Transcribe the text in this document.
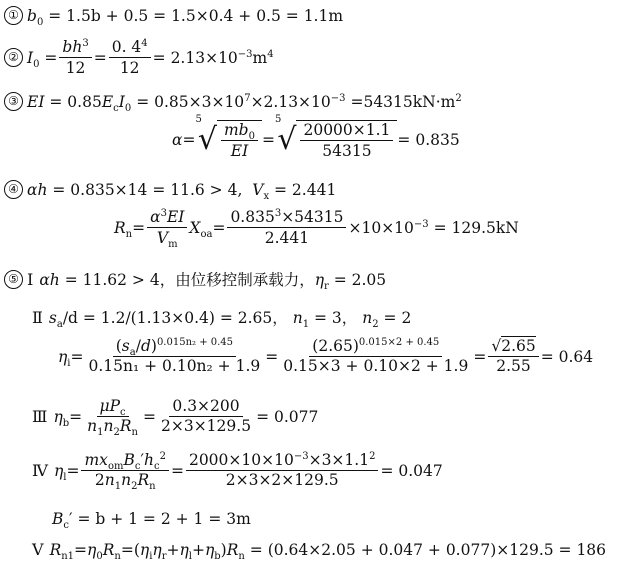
① $b_0 = 1.5b + 0.5 = 1.5\times 0.4 + 0.5 = 1.1m$
② $I_0 = \frac{bh^3}{12} = \frac{0. 4^4}{12} = 2.13\times 10^{-3}m^4$
③ EI = $0.85E_cI_0 = 0.85\times 3\times 10^7\times 2.13\times 10^{-3} =54315kN\cdot m^2$
α=
5
√ $\frac{mb_0}{EI}$ =
5
√ $\frac{20000\times 1.1}{54315} = 0.835$
④ αh = 0.835×14 = 11.6 > 4, $V_x = 2.441$
$R_n= \frac{\alpha^3EI}{V_m} X_{oa}= \frac{0.835^3\times 54315}{2.441} \times 10\times 10^{-3} = 129.5kN$
⑤ Ⅰ αh = 11.62 > 4，由位移控制承载力，$\eta_r = 2.05$
Ⅱ $s_a/d = 1.2/(1.13\times 0.4) = 2.65$， $n_1 = 3$， $n_2 = 2$
$\eta_i= \frac{(s_a/d)^{0.015n_2 + 0.45}}{\text{0.15n₁ + 0.10n₂ + 1.9}} = \frac{(2.65)^{0.015\times 2 + 0.45}}{0.15\times 3 + 0.10\times 2 + 1.9} = \frac{√2.65}{2.55} = 0.64$
Ⅲ $\eta_b= \frac{\mu P_c}{n_1n_2R_n} = \frac{0.3\times 200}{2\times 3\times 129.5} = 0.077$
Ⅳ $\eta_l= \frac{mx_{om}B_c'h_c^2}{2n_1n_2R_n} = \frac{2000\times 10\times 10^{-3}\times 3\times 1.1^2}{2\times 3\times 2\times 129.5} = 0.047$
$B_c' = b + 1 = 2 + 1 = 3m$
Ⅴ $R_{n1}=\eta_0R_n=(\eta_i\eta_r+\eta_l+\eta_b)R_n = (0.64\times 2.05 + 0.047 + 0.077)\times 129.5 = 186$
